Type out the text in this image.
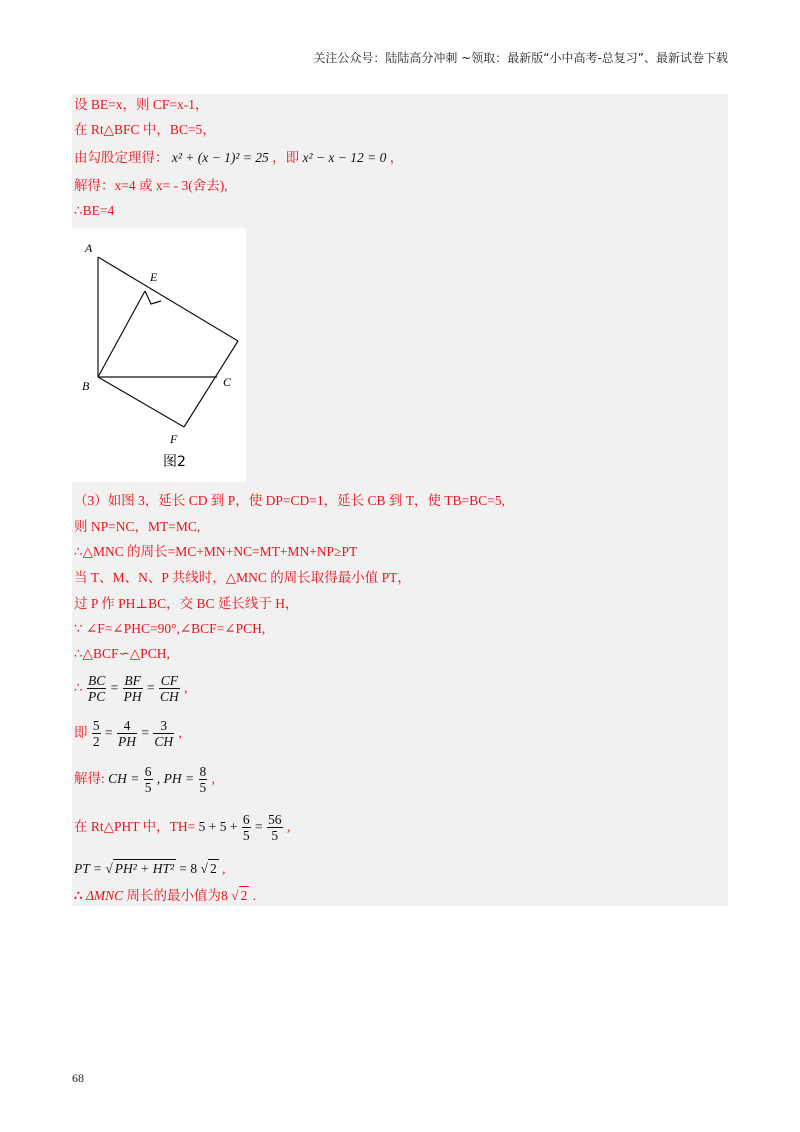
关注公众号：陆陆高分冲刺 ~领取：最新版“小中高考-总复习”、最新试卷下载
设 BE=x，则 CF=x-1，
在 Rt△BFC 中，BC=5，
由勾股定理得： x² + (x − 1)² = 25 ，即 x² − x − 12 = 0 ，
解得：x=4 或 x= - 3(舍去),
∴BE=4
（3）如图 3，延长 CD 到 P，使 DP=CD=1，延长 CB 到 T，使 TB=BC=5,
则 NP=NC，MT=MC,
∴△MNC 的周长=MC+MN+NC=MT+MN+NP≥PT
当 T、M、N、P 共线时，△MNC 的周长取得最小值 PT，
过 P 作 PH⊥BC，交 BC 延长线于 H，
∵ ∠F=∠PHC=90°,∠BCF=∠PCH,
∴△BCF∽△PCH,
∴ $\frac{BC}{PC} = \frac{BF}{PH} = \frac{CF}{CH}$ ,
即 $\frac{5}{2} = \frac{4}{PH} = \frac{3}{CH}$ ,
解得: CH = $\frac{6}{5}$ , PH = $\frac{8}{5}$ ,
在 Rt△PHT 中，$TH= 5 + 5 + \frac{6}{5} = \frac{56}{5}$ ,
PT = √ PH² + HT² = 8 √ 2 ,
∴ ΔMNC 周长的最小值为8 √ 2 .
A
E
B	C
F
图2
68
